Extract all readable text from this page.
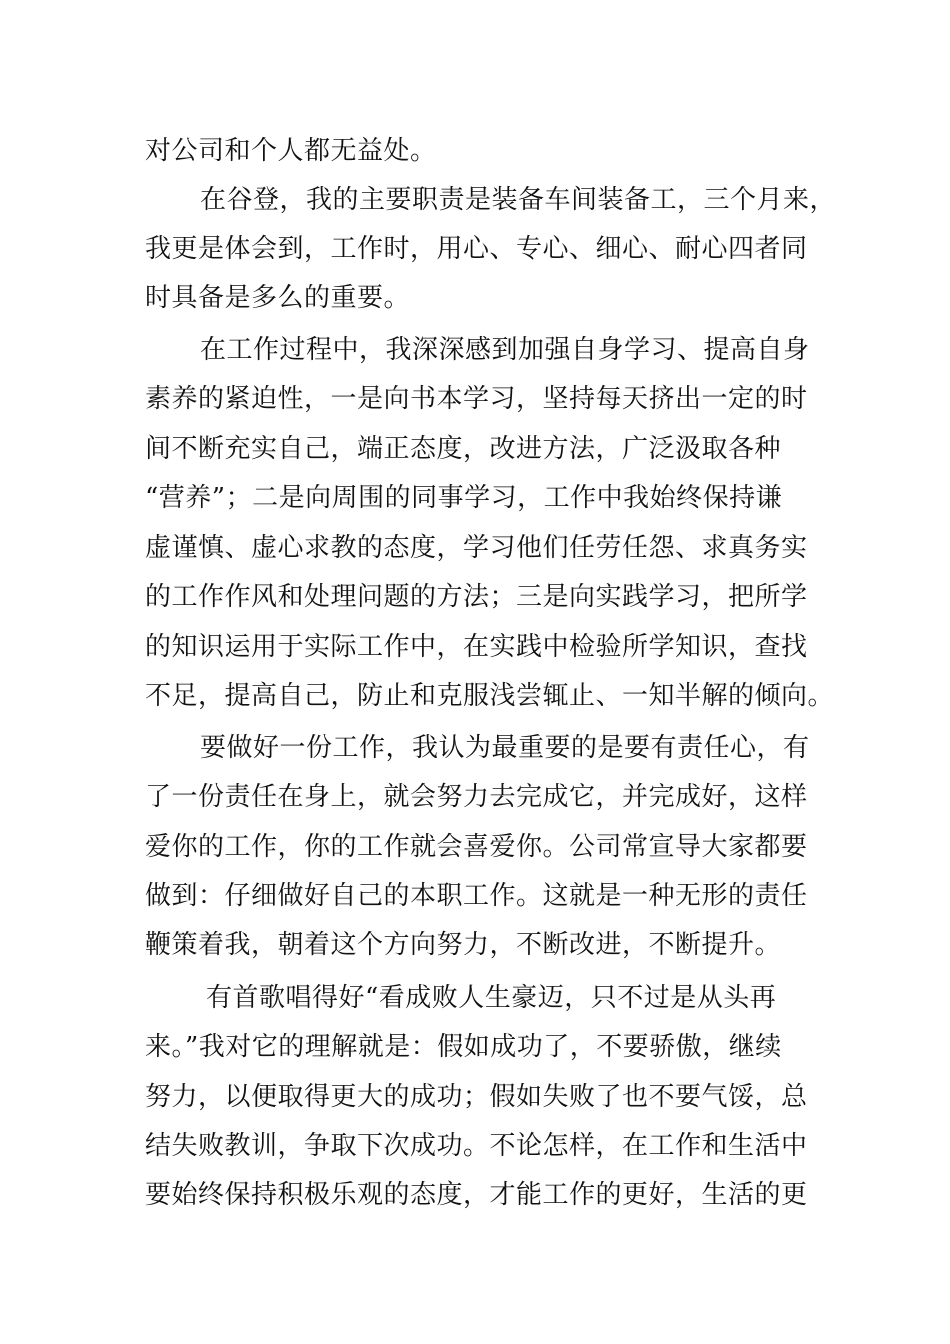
对公司和个人都无益处。
在谷登，我的主要职责是装备车间装备工，三个月来，
我更是体会到，工作时，用心、专心、细心、耐心四者同
时具备是多么的重要。
在工作过程中，我深深感到加强自身学习、提高自身
素养的紧迫性，一是向书本学习，坚持每天挤出一定的时
间不断充实自己，端正态度，改进方法，广泛汲取各种
“营养”；二是向周围的同事学习，工作中我始终保持谦
虚谨慎、虚心求教的态度，学习他们任劳任怨、求真务实
的工作作风和处理问题的方法；三是向实践学习，把所学
的知识运用于实际工作中，在实践中检验所学知识，查找
不足，提高自己，防止和克服浅尝辄止、一知半解的倾向。
要做好一份工作，我认为最重要的是要有责任心，有
了一份责任在身上，就会努力去完成它，并完成好，这样
爱你的工作，你的工作就会喜爱你。公司常宣导大家都要
做到：仔细做好自己的本职工作。这就是一种无形的责任
鞭策着我，朝着这个方向努力，不断改进，不断提升。
有首歌唱得好“看成败人生豪迈，只不过是从头再
来。”我对它的理解就是：假如成功了，不要骄傲，继续
努力，以便取得更大的成功；假如失败了也不要气馁，总
结失败教训，争取下次成功。不论怎样，在工作和生活中
要始终保持积极乐观的态度，才能工作的更好，生活的更
